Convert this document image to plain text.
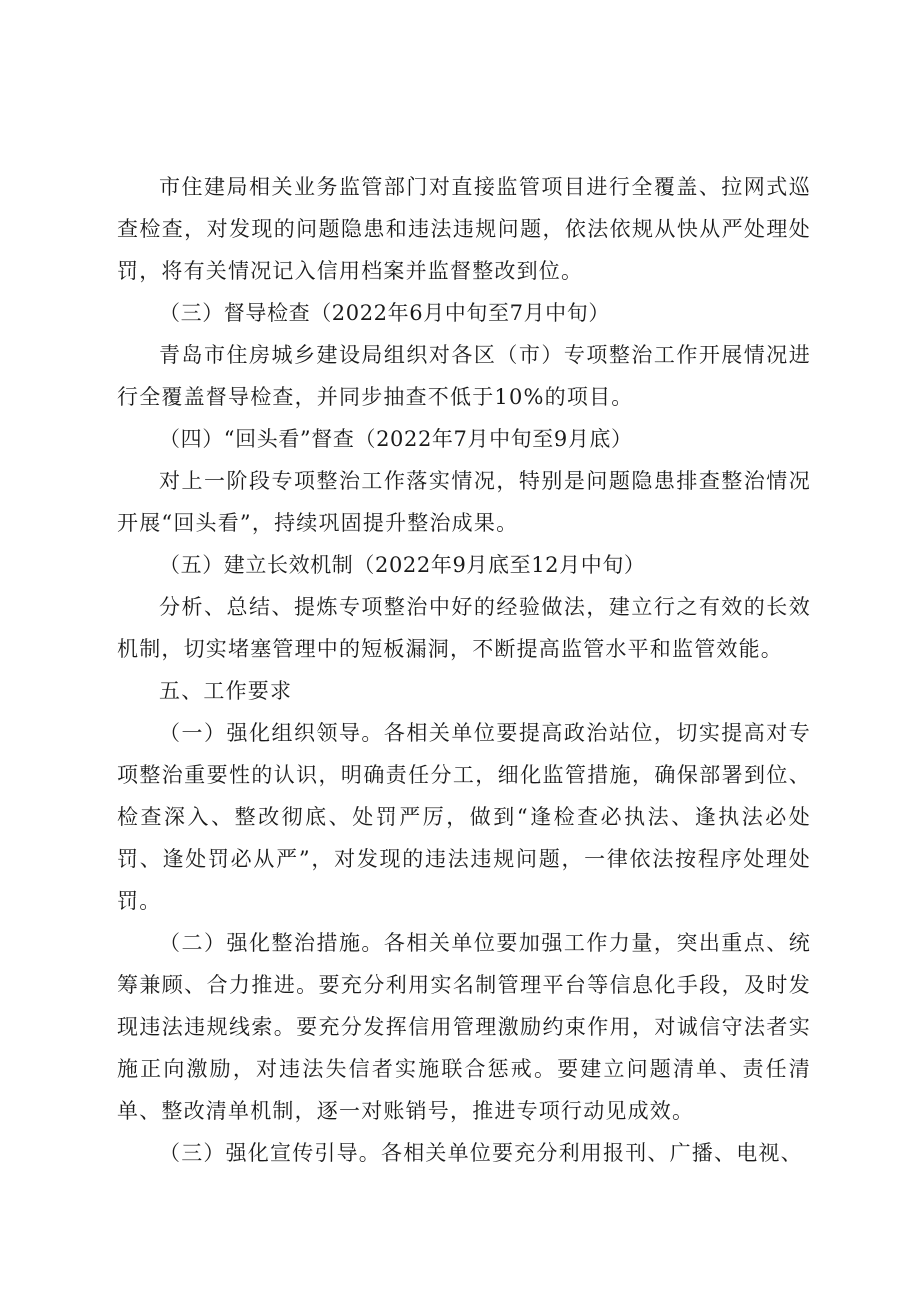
市住建局相关业务监管部门对直接监管项目进行全覆盖、拉网式巡查检查，对发现的问题隐患和违法违规问题，依法依规从快从严处理处罚，将有关情况记入信用档案并监督整改到位。

（三）督导检查（2022年6月中旬至7月中旬）

青岛市住房城乡建设局组织对各区（市）专项整治工作开展情况进行全覆盖督导检查，并同步抽查不低于10%的项目。

（四）“回头看”督查（2022年7月中旬至9月底）

对上一阶段专项整治工作落实情况，特别是问题隐患排查整治情况开展“回头看”，持续巩固提升整治成果。

（五）建立长效机制（2022年9月底至12月中旬）

分析、总结、提炼专项整治中好的经验做法，建立行之有效的长效机制，切实堵塞管理中的短板漏洞，不断提高监管水平和监管效能。

五、工作要求

（一）强化组织领导。各相关单位要提高政治站位，切实提高对专项整治重要性的认识，明确责任分工，细化监管措施，确保部署到位、检查深入、整改彻底、处罚严厉，做到“逢检查必执法、逢执法必处罚、逢处罚必从严”，对发现的违法违规问题，一律依法按程序处理处罚。

（二）强化整治措施。各相关单位要加强工作力量，突出重点、统筹兼顾、合力推进。要充分利用实名制管理平台等信息化手段，及时发现违法违规线索。要充分发挥信用管理激励约束作用，对诚信守法者实施正向激励，对违法失信者实施联合惩戒。要建立问题清单、责任清单、整改清单机制，逐一对账销号，推进专项行动见成效。

（三）强化宣传引导。各相关单位要充分利用报刊、广播、电视、
